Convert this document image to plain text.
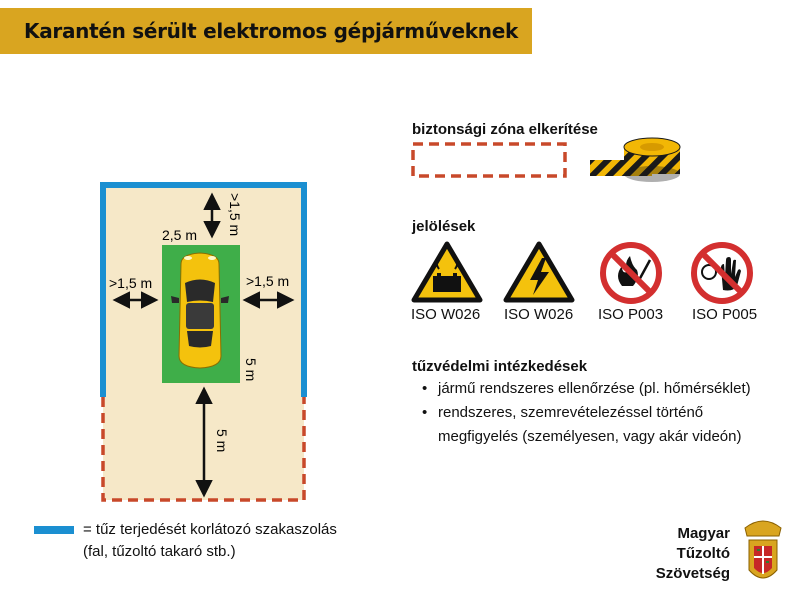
Karantén sérült elektromos gépjárműveknek
>1,5 m
2,5 m
>1,5 m	>1,5 m
5 m
5 m
biztonsági zóna elkerítése
jelölések
ISO W026 ISO W026 ISO P003 ISO P005
tűzvédelmi intézkedések
• jármű rendszeres ellenőrzése (pl. hőmérséklet)
• rendszeres, szemrevételezéssel történő
megfigyelés (személyesen, vagy akár videón)
= tűz terjedését korlátozó szakaszolás
(fal, tűzoltó takaró stb.)
Magyar
Tűzoltó
Szövetség
